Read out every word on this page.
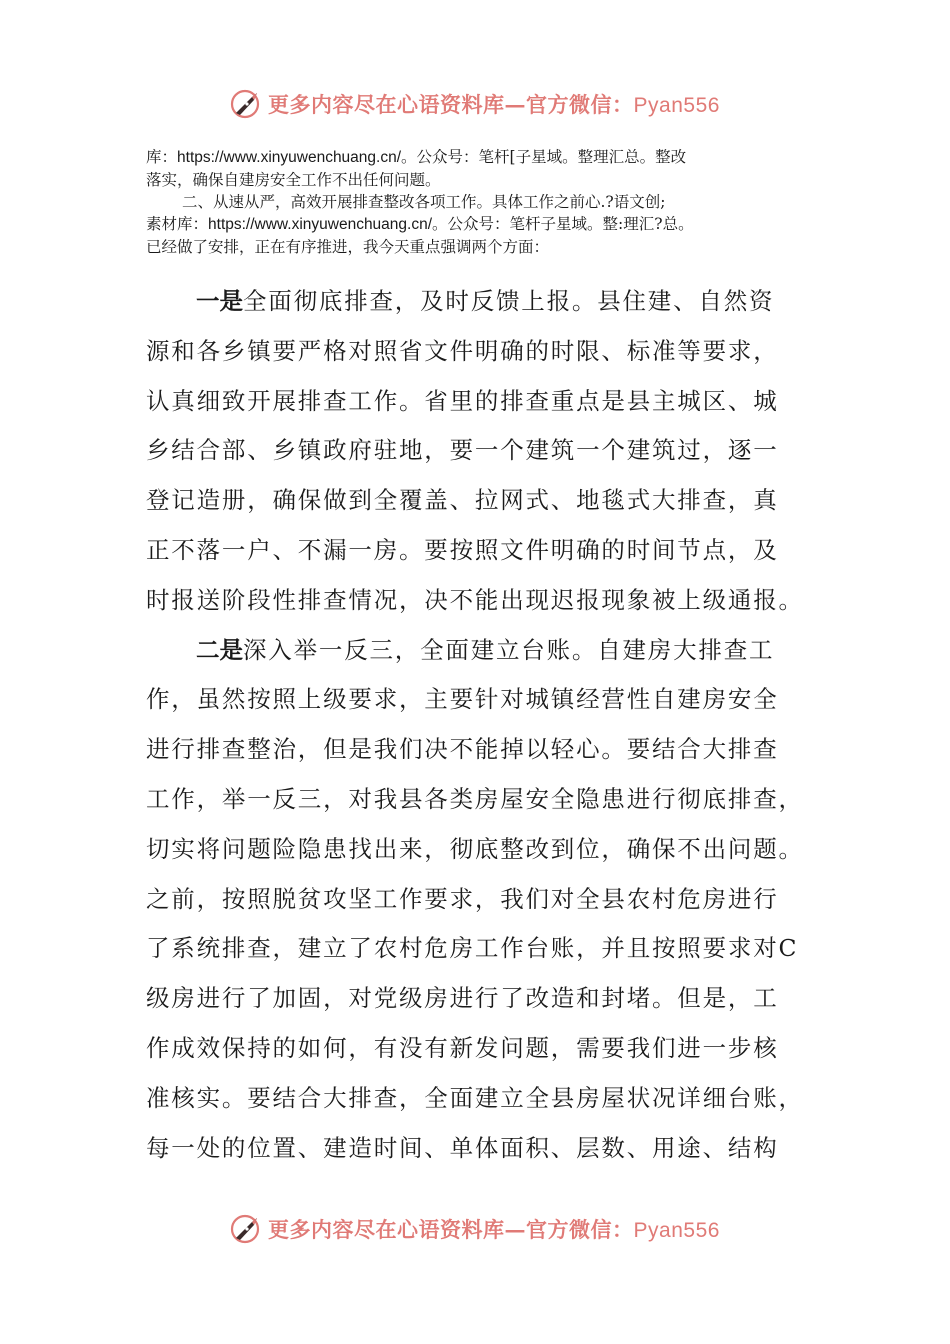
更多内容尽在心语资料库—官方微信：Pyan556

库：https://www.xinyuwenchuang.cn/。公众号：笔杆[子星域。整理汇总。整改

落实，确保自建房安全工作不出任何问题。

二、从速从严，高效开展排查整改各项工作。具体工作之前心.?语文创;

素材库：https://www.xinyuwenchuang.cn/。公众号：笔杆子星域。整:理汇?总。

已经做了安排，正在有序推进，我今天重点强调两个方面：

一是全面彻底排查，及时反馈上报。县住建、自然资
源和各乡镇要严格对照省文件明确的时限、标准等要求，
认真细致开展排查工作。省里的排查重点是县主城区、城
乡结合部、乡镇政府驻地，要一个建筑一个建筑过，逐一
登记造册，确保做到全覆盖、拉网式、地毯式大排查，真
正不落一户、不漏一房。要按照文件明确的时间节点，及
时报送阶段性排查情况，决不能出现迟报现象被上级通报。
二是深入举一反三，全面建立台账。自建房大排查工
作，虽然按照上级要求，主要针对城镇经营性自建房安全
进行排查整治，但是我们决不能掉以轻心。要结合大排查
工作，举一反三，对我县各类房屋安全隐患进行彻底排查，
切实将问题险隐患找出来，彻底整改到位，确保不出问题。
之前，按照脱贫攻坚工作要求，我们对全县农村危房进行
了系统排查，建立了农村危房工作台账，并且按照要求对C
级房进行了加固，对党级房进行了改造和封堵。但是，工
作成效保持的如何，有没有新发问题，需要我们进一步核
准核实。要结合大排查，全面建立全县房屋状况详细台账，
每一处的位置、建造时间、单体面积、层数、用途、结构
更多内容尽在心语资料库—官方微信：Pyan556
